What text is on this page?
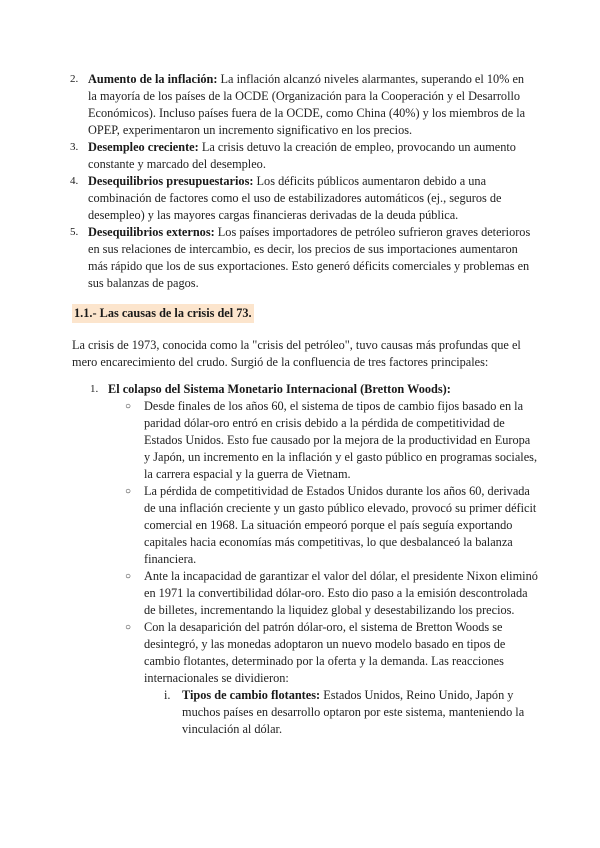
2. Aumento de la inflación: La inflación alcanzó niveles alarmantes, superando el 10% en la mayoría de los países de la OCDE (Organización para la Cooperación y el Desarrollo Económicos). Incluso países fuera de la OCDE, como China (40%) y los miembros de la OPEP, experimentaron un incremento significativo en los precios.
3. Desempleo creciente: La crisis detuvo la creación de empleo, provocando un aumento constante y marcado del desempleo.
4. Desequilibrios presupuestarios: Los déficits públicos aumentaron debido a una combinación de factores como el uso de estabilizadores automáticos (ej., seguros de desempleo) y las mayores cargas financieras derivadas de la deuda pública.
5. Desequilibrios externos: Los países importadores de petróleo sufrieron graves deterioros en sus relaciones de intercambio, es decir, los precios de sus importaciones aumentaron más rápido que los de sus exportaciones. Esto generó déficits comerciales y problemas en sus balanzas de pagos.
1.1.- Las causas de la crisis del 73.

La crisis de 1973, conocida como la "crisis del petróleo", tuvo causas más profundas que el mero encarecimiento del crudo. Surgió de la confluencia de tres factores principales:

1. El colapso del Sistema Monetario Internacional (Bretton Woods):
○ Desde finales de los años 60, el sistema de tipos de cambio fijos basado en la paridad dólar-oro entró en crisis debido a la pérdida de competitividad de Estados Unidos. Esto fue causado por la mejora de la productividad en Europa y Japón, un incremento en la inflación y el gasto público en programas sociales, la carrera espacial y la guerra de Vietnam.
○ La pérdida de competitividad de Estados Unidos durante los años 60, derivada de una inflación creciente y un gasto público elevado, provocó su primer déficit comercial en 1968. La situación empeoró porque el país seguía exportando capitales hacia economías más competitivas, lo que desbalanceó la balanza financiera.
○ Ante la incapacidad de garantizar el valor del dólar, el presidente Nixon eliminó en 1971 la convertibilidad dólar-oro. Esto dio paso a la emisión descontrolada de billetes, incrementando la liquidez global y desestabilizando los precios.
○ Con la desaparición del patrón dólar-oro, el sistema de Bretton Woods se desintegró, y las monedas adoptaron un nuevo modelo basado en tipos de cambio flotantes, determinado por la oferta y la demanda. Las reacciones internacionales se dividieron:
i. Tipos de cambio flotantes: Estados Unidos, Reino Unido, Japón y muchos países en desarrollo optaron por este sistema, manteniendo la vinculación al dólar.
